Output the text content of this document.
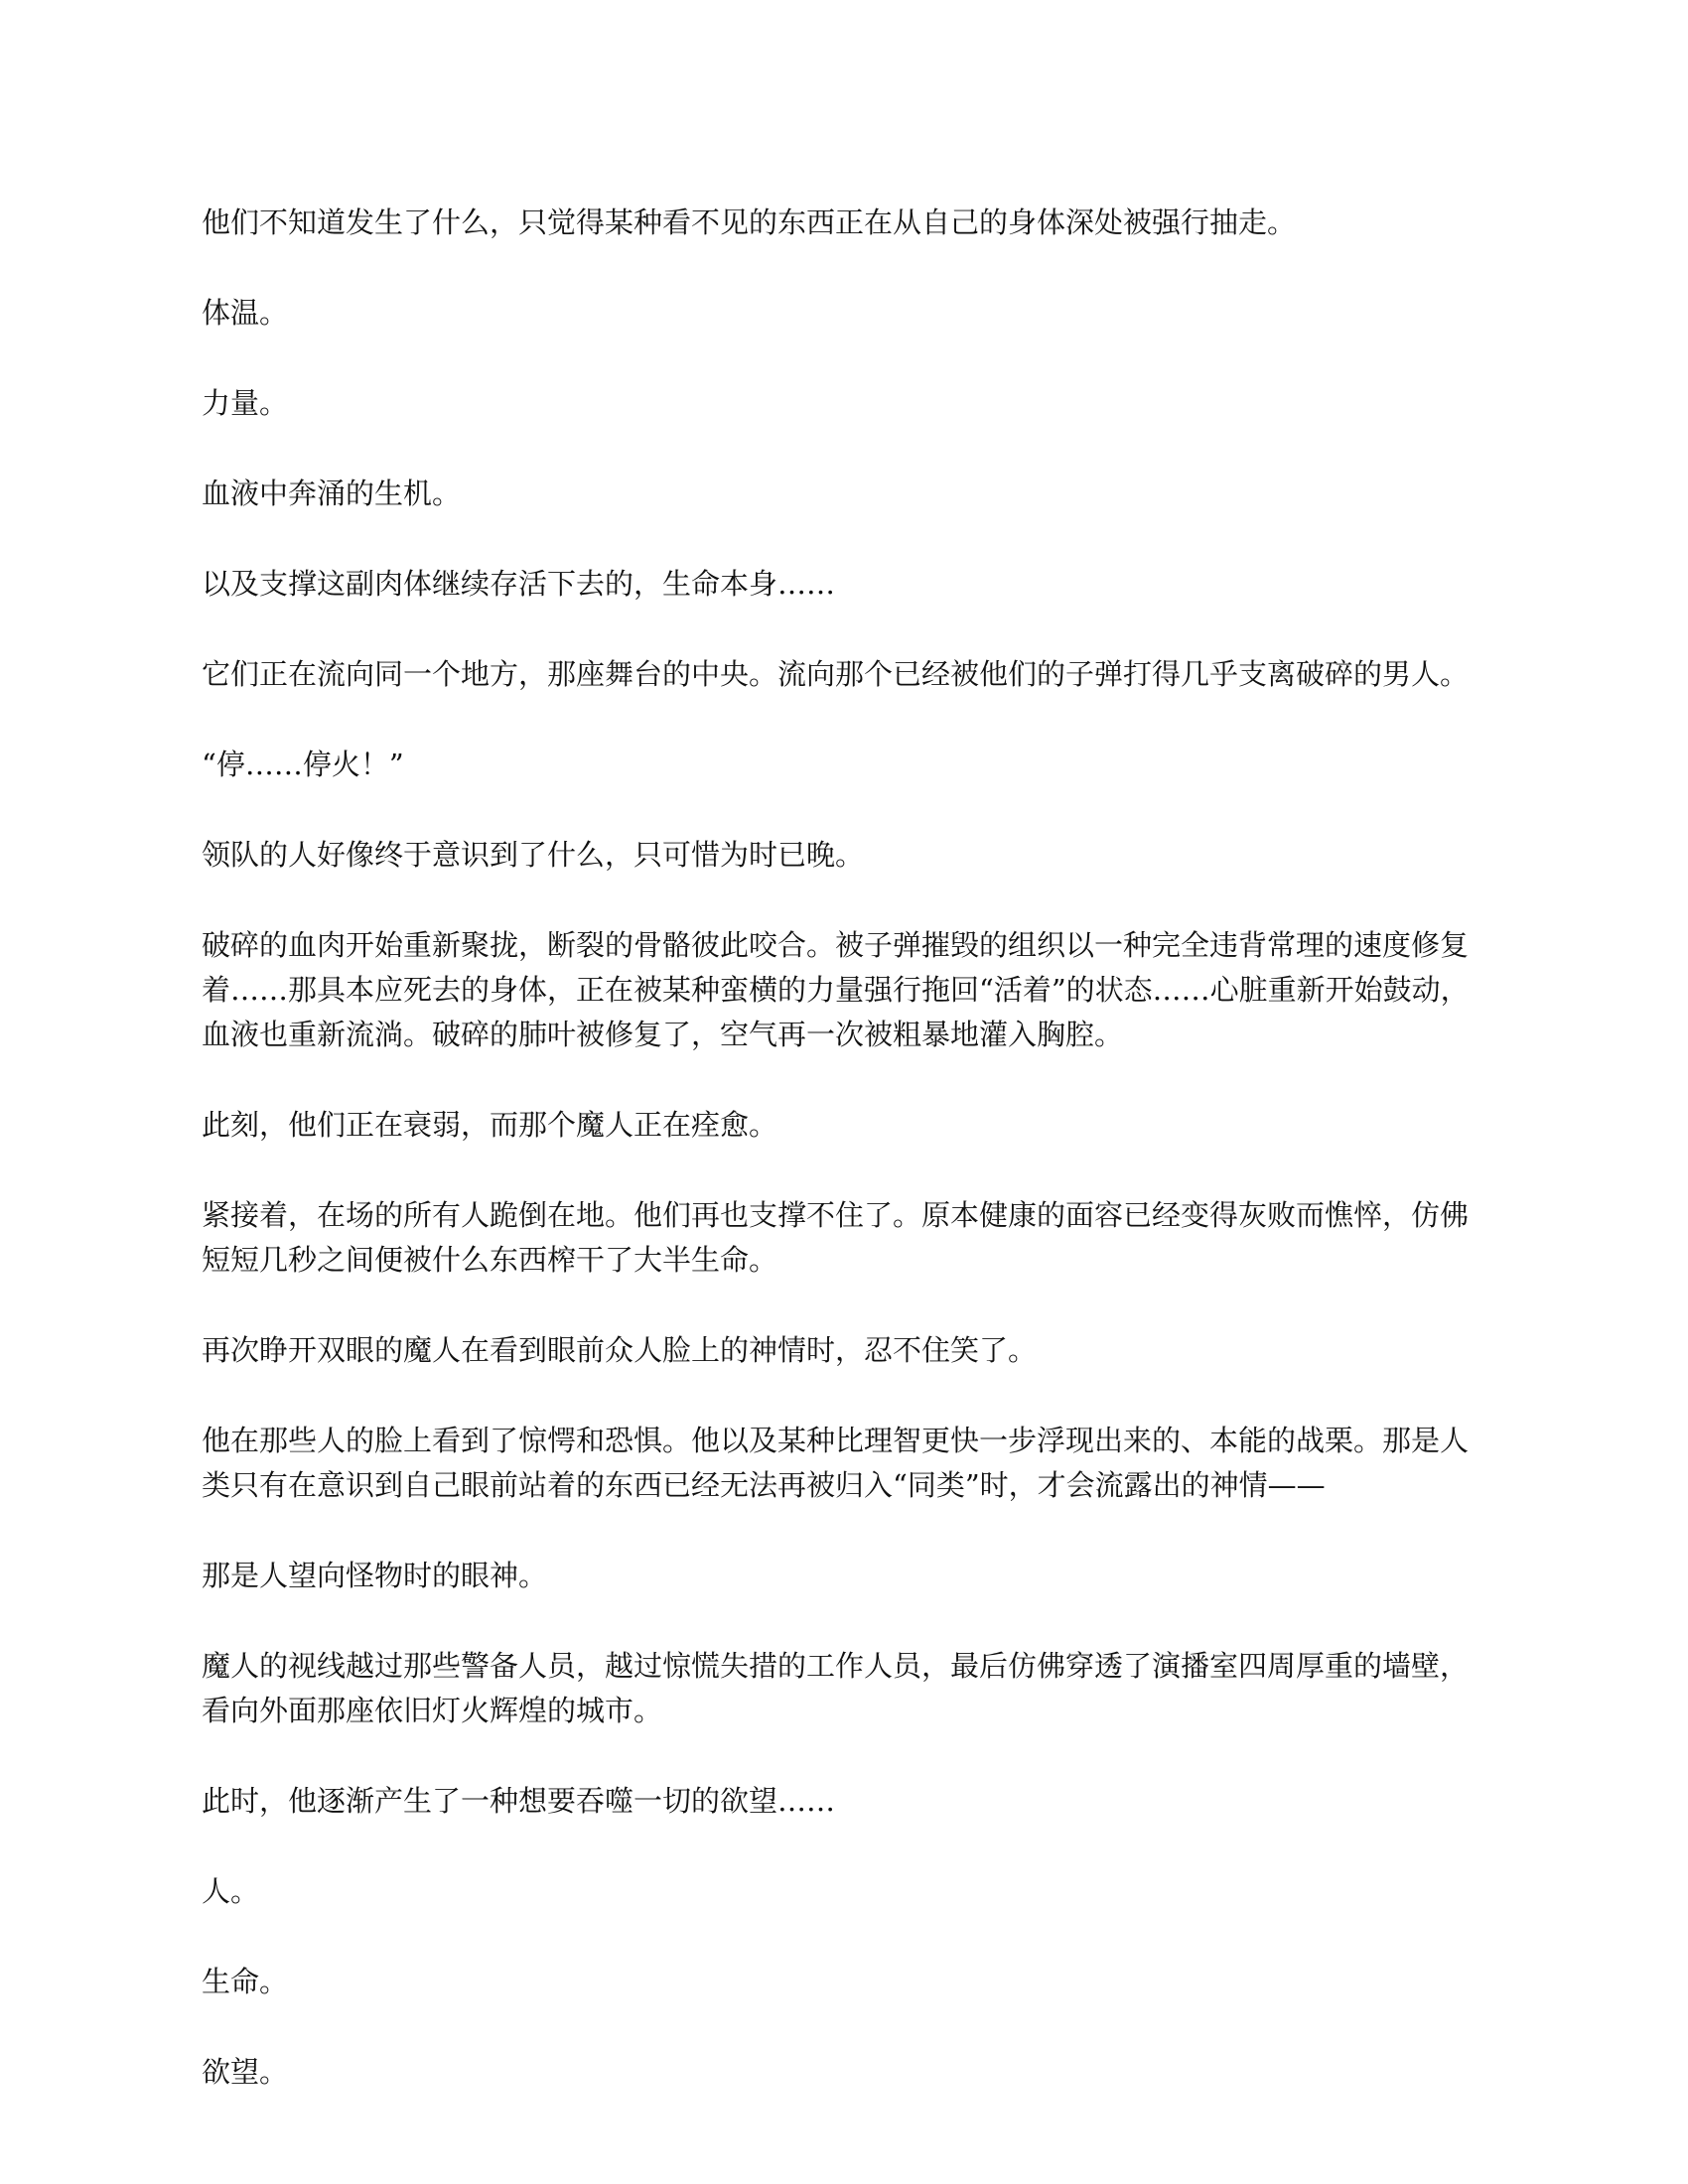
他们不知道发生了什么，只觉得某种看不见的东西正在从自己的身体深处被强行抽走。

体温。

力量。

血液中奔涌的生机。

以及支撑这副肉体继续存活下去的，生命本身……

它们正在流向同一个地方，那座舞台的中央。流向那个已经被他们的子弹打得几乎支离破碎的男人。

“停……停火！”

领队的人好像终于意识到了什么，只可惜为时已晚。

破碎的血肉开始重新聚拢，断裂的骨骼彼此咬合。被子弹摧毁的组织以一种完全违背常理的速度修复着……那具本应死去的身体，正在被某种蛮横的力量强行拖回“活着”的状态……心脏重新开始鼓动，血液也重新流淌。破碎的肺叶被修复了，空气再一次被粗暴地灌入胸腔。

此刻，他们正在衰弱，而那个魔人正在痊愈。

紧接着，在场的所有人跪倒在地。他们再也支撑不住了。原本健康的面容已经变得灰败而憔悴，仿佛短短几秒之间便被什么东西榨干了大半生命。

再次睁开双眼的魔人在看到眼前众人脸上的神情时，忍不住笑了。

他在那些人的脸上看到了惊愕和恐惧。他以及某种比理智更快一步浮现出来的、本能的战栗。那是人类只有在意识到自己眼前站着的东西已经无法再被归入“同类”时，才会流露出的神情——

那是人望向怪物时的眼神。

魔人的视线越过那些警备人员，越过惊慌失措的工作人员，最后仿佛穿透了演播室四周厚重的墙壁，看向外面那座依旧灯火辉煌的城市。

此时，他逐渐产生了一种想要吞噬一切的欲望……

人。

生命。

欲望。
